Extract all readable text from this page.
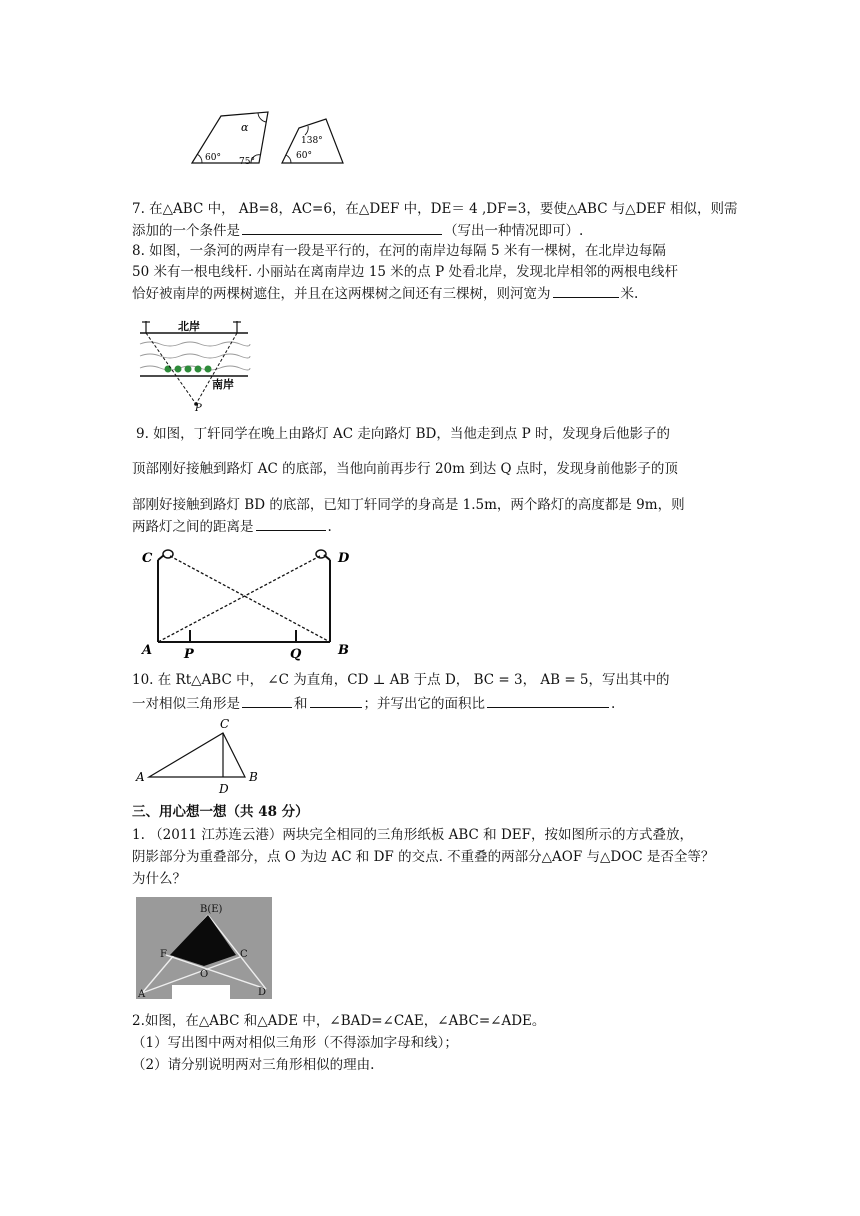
α
60° 75°
138°
60°
7. 在△ABC 中， AB=8，AC=6，在△DEF 中，DE＝ 4 ,DF=3，要使△ABC 与△DEF 相似，则需
添加的一个条件是	（写出一种情况即可）.
8. 如图，一条河的两岸有一段是平行的，在河的南岸边每隔 5 米有一棵树，在北岸边每隔
50 米有一根电线杆. 小丽站在离南岸边 15 米的点 P 处看北岸，发现北岸相邻的两根电线杆
恰好被南岸的两棵树遮住，并且在这两棵树之间还有三棵树，则河宽为	米.
北岸
南岸
P
9. 如图，丁轩同学在晚上由路灯 AC 走向路灯 BD，当他走到点 P 时，发现身后他影子的
顶部刚好接触到路灯 AC 的底部，当他向前再步行 20m 到达 Q 点时，发现身前他影子的顶
部刚好接触到路灯 BD 的底部，已知丁轩同学的身高是 1.5m，两个路灯的高度都是 9m，则
两路灯之间的距离是	.
C	D
A	B
P	Q
10. 在 Rt△ABC 中， ∠C 为直角，CD ⊥ AB 于点 D， BC = 3， AB = 5，写出其中的
一对相似三角形是	和	；并写出它的面积比	.
A	B
C
D
三、用心想一想（共 48 分）
1. （2011 江苏连云港）两块完全相同的三角形纸板 ABC 和 DEF，按如图所示的方式叠放，
阴影部分为重叠部分，点 O 为边 AC 和 DF 的交点. 不重叠的两部分△AOF 与△DOC 是否全等？
为什么？
B(E)
F	C
O
A	D
2.如图，在△ABC 和△ADE 中，∠BAD=∠CAE，∠ABC=∠ADE。
（1）写出图中两对相似三角形（不得添加字母和线）；
（2）请分别说明两对三角形相似的理由.
